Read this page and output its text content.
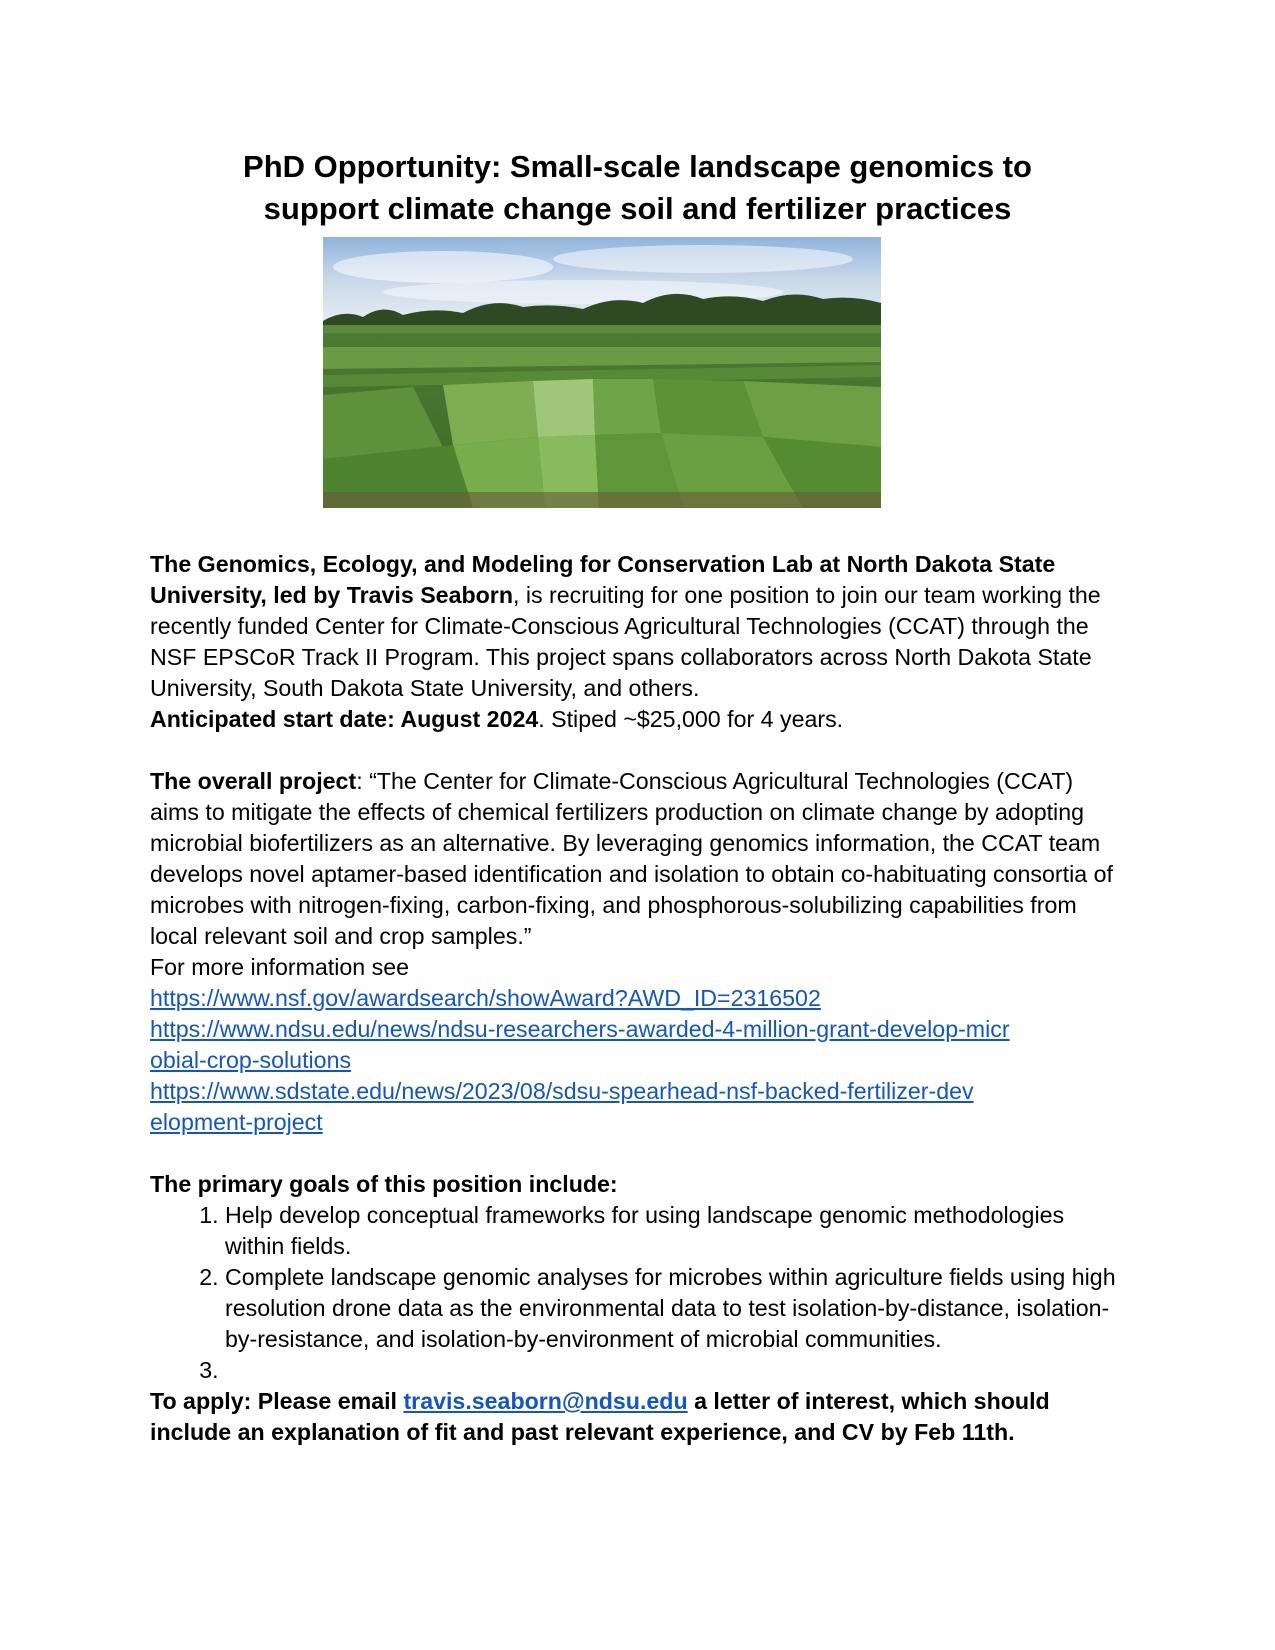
PhD Opportunity: Small-scale landscape genomics to
support climate change soil and fertilizer practices

The Genomics, Ecology, and Modeling for Conservation Lab at North Dakota State University, led by Travis Seaborn, is recruiting for one position to join our team working the recently funded Center for Climate-Conscious Agricultural Technologies (CCAT) through the NSF EPSCoR Track II Program. This project spans collaborators across North Dakota State University, South Dakota State University, and others.
Anticipated start date: August 2024. Stiped ~$25,000 for 4 years.

The overall project: “The Center for Climate-Conscious Agricultural Technologies (CCAT) aims to mitigate the effects of chemical fertilizers production on climate change by adopting microbial biofertilizers as an alternative. By leveraging genomics information, the CCAT team develops novel aptamer-based identification and isolation to obtain co-habituating consortia of microbes with nitrogen-fixing, carbon-fixing, and phosphorous-solubilizing capabilities from local relevant soil and crop samples.”

For more information see

https://www.nsf.gov/awardsearch/showAward?AWD_ID=2316502

https://www.ndsu.edu/news/ndsu-researchers-awarded-4-million-grant-develop-microbial-crop-solutions

https://www.sdstate.edu/news/2023/08/sdsu-spearhead-nsf-backed-fertilizer-development-project

The primary goals of this position include:

1. Help develop conceptual frameworks for using landscape genomic methodologies within fields.
2. Complete landscape genomic analyses for microbes within agriculture fields using high resolution drone data as the environmental data to test isolation-by-distance, isolation-by-resistance, and isolation-by-environment of microbial communities.
3.

To apply: Please email travis.seaborn@ndsu.edu a letter of interest, which should include an explanation of fit and past relevant experience, and CV by Feb 11th.
